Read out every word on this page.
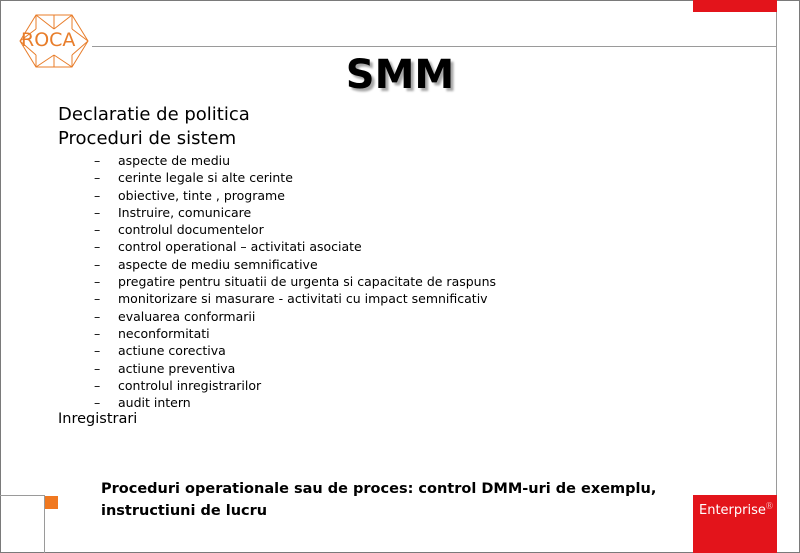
EnterpriseⓇ
ROCA
SMM
Declaratie de politica
Proceduri de sistem
– aspecte de mediu
– cerinte legale si alte cerinte
– obiective, tinte , programe
– Instruire, comunicare
– controlul documentelor
– control operational – activitati asociate
– aspecte de mediu semnificative
– pregatire pentru situatii de urgenta si capacitate de raspuns
– monitorizare si masurare - activitati cu impact semnificativ
– evaluarea conformarii
– neconformitati
– actiune corectiva
– actiune preventiva
– controlul inregistrarilor
– audit intern
Inregistrari
Proceduri operationale sau de proces: control DMM-uri de exemplu,
instructiuni de lucru
